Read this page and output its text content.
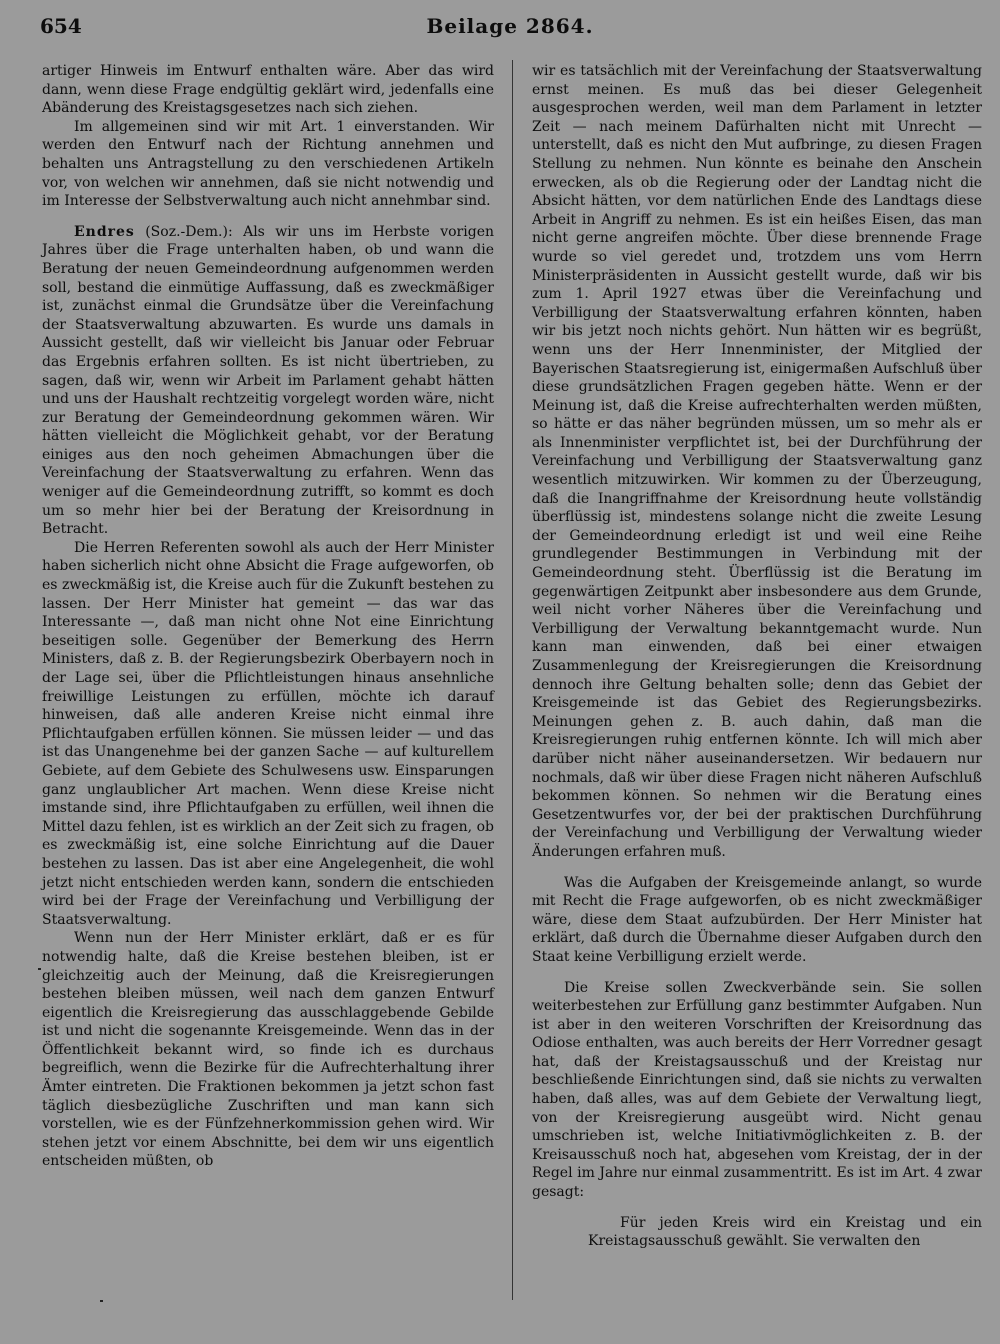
Beilage 2864.
654

artiger Hinweis im Entwurf enthalten wäre. Aber das wird dann, wenn diese Frage endgültig geklärt wird, jedenfalls eine Abänderung des Kreistagsgesetzes nach sich ziehen.

Im allgemeinen sind wir mit Art. 1 einverstanden. Wir werden den Entwurf nach der Richtung annehmen und behalten uns Antragstellung zu den verschiedenen Artikeln vor, von welchen wir annehmen, daß sie nicht notwendig und im Interesse der Selbstverwaltung auch nicht annehmbar sind.

Endres (Soz.-Dem.): Als wir uns im Herbste vorigen Jahres über die Frage unterhalten haben, ob und wann die Beratung der neuen Gemeindeordnung aufgenommen werden soll, bestand die einmütige Auffassung, daß es zweckmäßiger ist, zunächst einmal die Grundsätze über die Vereinfachung der Staatsverwaltung abzuwarten. Es wurde uns damals in Aussicht gestellt, daß wir vielleicht bis Januar oder Februar das Ergebnis erfahren sollten. Es ist nicht übertrieben, zu sagen, daß wir, wenn wir Arbeit im Parlament gehabt hätten und uns der Haushalt rechtzeitig vorgelegt worden wäre, nicht zur Beratung der Gemeindeordnung gekommen wären. Wir hätten vielleicht die Möglichkeit gehabt, vor der Beratung einiges aus den noch geheimen Abmachungen über die Vereinfachung der Staatsverwaltung zu erfahren. Wenn das weniger auf die Gemeindeordnung zutrifft, so kommt es doch um so mehr hier bei der Beratung der Kreisordnung in Betracht.

Die Herren Referenten sowohl als auch der Herr Minister haben sicherlich nicht ohne Absicht die Frage aufgeworfen, ob es zweckmäßig ist, die Kreise auch für die Zukunft bestehen zu lassen. Der Herr Minister hat gemeint — das war das Interessante —, daß man nicht ohne Not eine Einrichtung beseitigen solle. Gegenüber der Bemerkung des Herrn Ministers, daß z. B. der Regierungsbezirk Oberbayern noch in der Lage sei, über die Pflichtleistungen hinaus ansehnliche freiwillige Leistungen zu erfüllen, möchte ich darauf hinweisen, daß alle anderen Kreise nicht einmal ihre Pflichtaufgaben erfüllen können. Sie müssen leider — und das ist das Unangenehme bei der ganzen Sache — auf kulturellem Gebiete, auf dem Gebiete des Schulwesens usw. Einsparungen ganz unglaublicher Art machen. Wenn diese Kreise nicht imstande sind, ihre Pflichtaufgaben zu erfüllen, weil ihnen die Mittel dazu fehlen, ist es wirklich an der Zeit sich zu fragen, ob es zweckmäßig ist, eine solche Einrichtung auf die Dauer bestehen zu lassen. Das ist aber eine Angelegenheit, die wohl jetzt nicht entschieden werden kann, sondern die entschieden wird bei der Frage der Vereinfachung und Verbilligung der Staatsverwaltung.

Wenn nun der Herr Minister erklärt, daß er es für notwendig halte, daß die Kreise bestehen bleiben, ist er gleichzeitig auch der Meinung, daß die Kreisregierungen bestehen bleiben müssen, weil nach dem ganzen Entwurf eigentlich die Kreisregierung das ausschlaggebende Gebilde ist und nicht die sogenannte Kreisgemeinde. Wenn das in der Öffentlichkeit bekannt wird, so finde ich es durchaus begreiflich, wenn die Bezirke für die Aufrechterhaltung ihrer Ämter eintreten. Die Fraktionen bekommen ja jetzt schon fast täglich diesbezügliche Zuschriften und man kann sich vorstellen, wie es der Fünfzehnerkommission gehen wird. Wir stehen jetzt vor einem Abschnitte, bei dem wir uns eigentlich entscheiden müßten, ob

wir es tatsächlich mit der Vereinfachung der Staatsverwaltung ernst meinen. Es muß das bei dieser Gelegenheit ausgesprochen werden, weil man dem Parlament in letzter Zeit — nach meinem Dafürhalten nicht mit Unrecht — unterstellt, daß es nicht den Mut aufbringe, zu diesen Fragen Stellung zu nehmen. Nun könnte es beinahe den Anschein erwecken, als ob die Regierung oder der Landtag nicht die Absicht hätten, vor dem natürlichen Ende des Landtags diese Arbeit in Angriff zu nehmen. Es ist ein heißes Eisen, das man nicht gerne angreifen möchte. Über diese brennende Frage wurde so viel geredet und, trotzdem uns vom Herrn Ministerpräsidenten in Aussicht gestellt wurde, daß wir bis zum 1. April 1927 etwas über die Vereinfachung und Verbilligung der Staatsverwaltung erfahren könnten, haben wir bis jetzt noch nichts gehört. Nun hätten wir es begrüßt, wenn uns der Herr Innenminister, der Mitglied der Bayerischen Staatsregierung ist, einigermaßen Aufschluß über diese grundsätzlichen Fragen gegeben hätte. Wenn er der Meinung ist, daß die Kreise aufrechterhalten werden müßten, so hätte er das näher begründen müssen, um so mehr als er als Innenminister verpflichtet ist, bei der Durchführung der Vereinfachung und Verbilligung der Staatsverwaltung ganz wesentlich mitzuwirken. Wir kommen zu der Überzeugung, daß die Inangriffnahme der Kreisordnung heute vollständig überflüssig ist, mindestens solange nicht die zweite Lesung der Gemeindeordnung erledigt ist und weil eine Reihe grundlegender Bestimmungen in Verbindung mit der Gemeindeordnung steht. Überflüssig ist die Beratung im gegenwärtigen Zeitpunkt aber insbesondere aus dem Grunde, weil nicht vorher Näheres über die Vereinfachung und Verbilligung der Verwaltung bekanntgemacht wurde. Nun kann man einwenden, daß bei einer etwaigen Zusammenlegung der Kreisregierungen die Kreisordnung dennoch ihre Geltung behalten solle; denn das Gebiet der Kreisgemeinde ist das Gebiet des Regierungsbezirks. Meinungen gehen z. B. auch dahin, daß man die Kreisregierungen ruhig entfernen könnte. Ich will mich aber darüber nicht näher auseinandersetzen. Wir bedauern nur nochmals, daß wir über diese Fragen nicht näheren Aufschluß bekommen können. So nehmen wir die Beratung eines Gesetzentwurfes vor, der bei der praktischen Durchführung der Vereinfachung und Verbilligung der Verwaltung wieder Änderungen erfahren muß.

Was die Aufgaben der Kreisgemeinde anlangt, so wurde mit Recht die Frage aufgeworfen, ob es nicht zweckmäßiger wäre, diese dem Staat aufzubürden. Der Herr Minister hat erklärt, daß durch die Übernahme dieser Aufgaben durch den Staat keine Verbilligung erzielt werde.

Die Kreise sollen Zweckverbände sein. Sie sollen weiterbestehen zur Erfüllung ganz bestimmter Aufgaben. Nun ist aber in den weiteren Vorschriften der Kreisordnung das Odiose enthalten, was auch bereits der Herr Vorredner gesagt hat, daß der Kreistagsausschuß und der Kreistag nur beschließende Einrichtungen sind, daß sie nichts zu verwalten haben, daß alles, was auf dem Gebiete der Verwaltung liegt, von der Kreisregierung ausgeübt wird. Nicht genau umschrieben ist, welche Initiativmöglichkeiten z. B. der Kreisausschuß noch hat, abgesehen vom Kreistag, der in der Regel im Jahre nur einmal zusammentritt. Es ist im Art. 4 zwar gesagt:

Für jeden Kreis wird ein Kreistag und ein Kreistagsausschuß gewählt. Sie verwalten den
